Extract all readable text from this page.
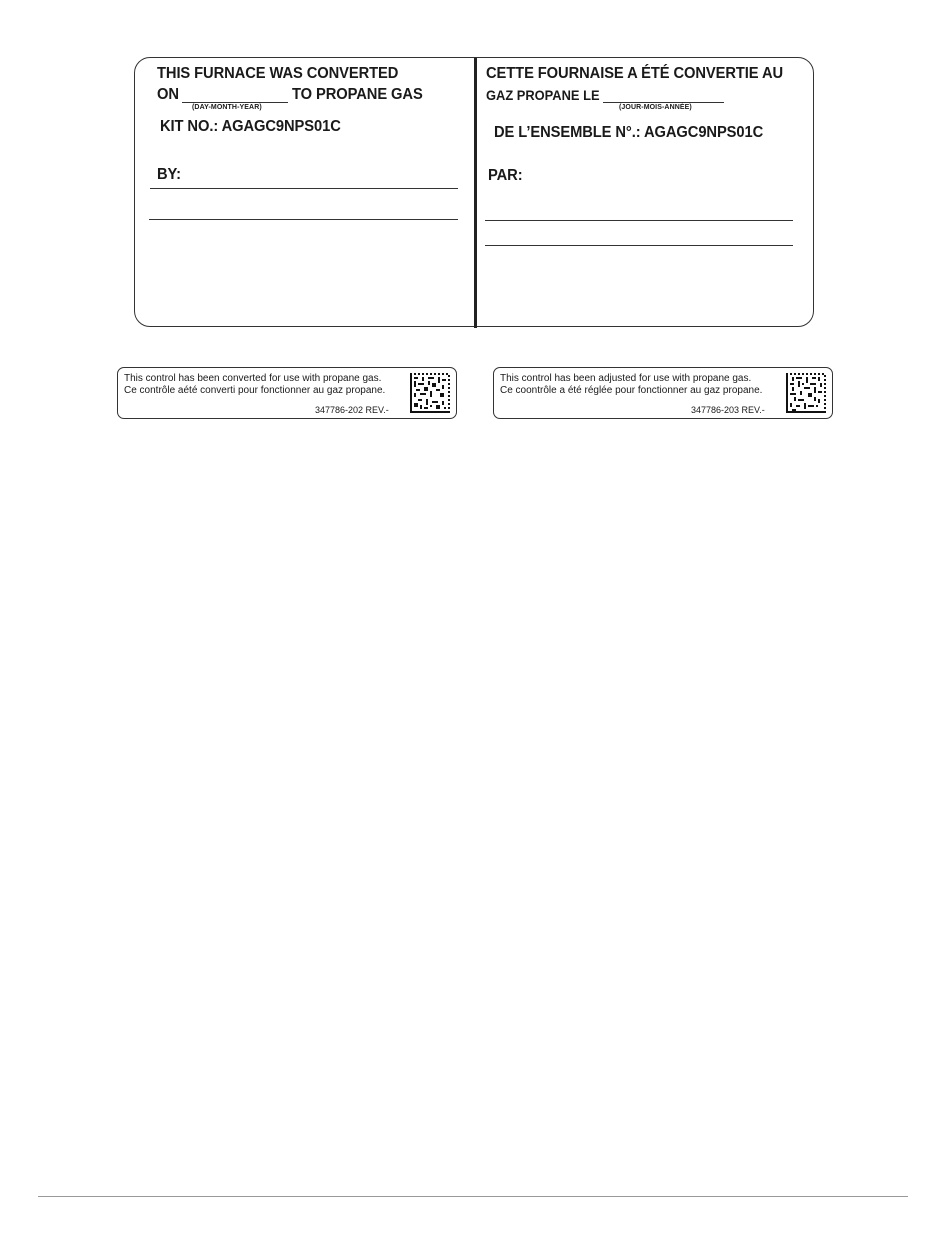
THIS FURNACE WAS CONVERTED
ON
(DAY-MONTH-YEAR)
TO PROPANE GAS
KIT NO.: AGAGC9NPS01C
BY:
CETTE FOURNAISE A ÉTÉ CONVERTIE AU
GAZ PROPANE LE
(JOUR-MOIS-ANNÉE)
DE L’ENSEMBLE N°.: AGAGC9NPS01C
PAR:
This control has been converted for use with propane gas.
Ce contrôle aété converti pour fonctionner au gaz propane.
347786-202 REV.-
This control has been adjusted for use with propane gas.
Ce coontrôle a été réglée pour fonctionner au gaz propane.
347786-203 REV.-
